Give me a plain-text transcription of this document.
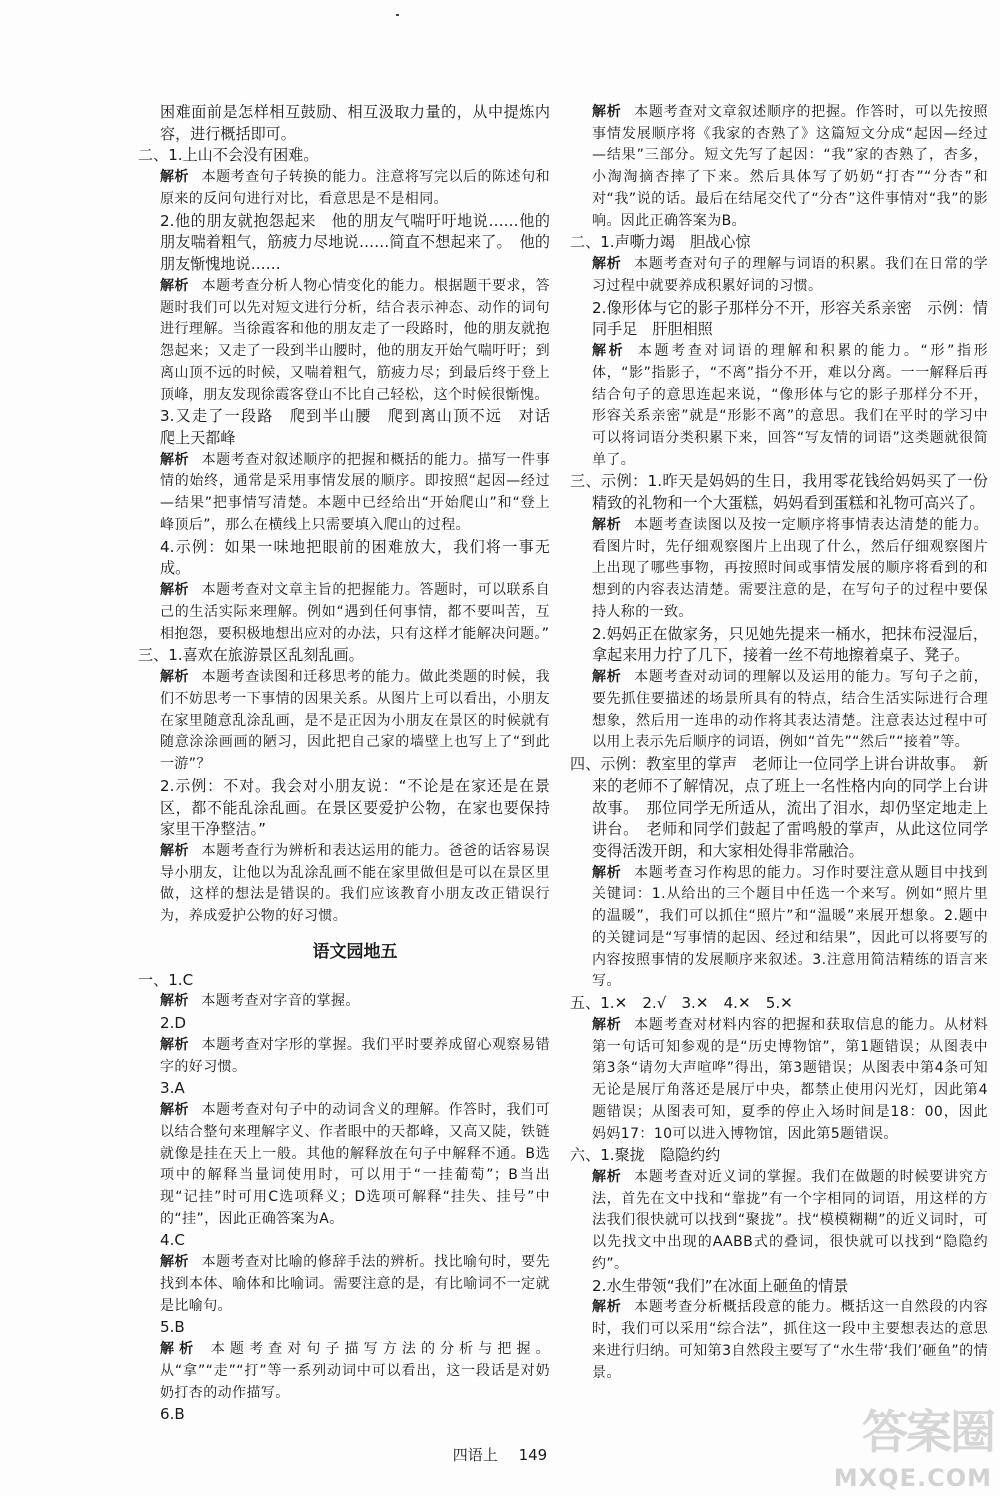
困难面前是怎样相互鼓励、相互汲取力量的，从中提炼内容，进行概括即可。

二、1.上山不会没有困难。

解析 本题考查句子转换的能力。注意将写完以后的陈述句和原来的反问句进行对比，看意思是不是相同。

2.他的朋友就抱怨起来　他的朋友气喘吁吁地说……他的朋友喘着粗气，筋疲力尽地说……简直不想起来了。　他的朋友惭愧地说……

解析 本题考查分析人物心情变化的能力。根据题干要求，答题时我们可以先对短文进行分析，结合表示神态、动作的词句进行理解。当徐霞客和他的朋友走了一段路时，他的朋友就抱怨起来；又走了一段到半山腰时，他的朋友开始气喘吁吁；到离山顶不远的时候，又喘着粗气，筋疲力尽；到最后终于登上顶峰，朋友发现徐霞客登山不比自己轻松，这个时候很惭愧。

3.又走了一段路　爬到半山腰　爬到离山顶不远　对话　爬上天都峰

解析 本题考查对叙述顺序的把握和概括的能力。描写一件事情的始终，通常是采用事情发展的顺序。即按照“起因—经过—结果”把事情写清楚。本题中已经给出“开始爬山”和“登上峰顶后”，那么在横线上只需要填入爬山的过程。

4.示例：如果一味地把眼前的困难放大，我们将一事无成。

解析 本题考查对文章主旨的把握能力。答题时，可以联系自己的生活实际来理解。例如“遇到任何事情，都不要叫苦，互相抱怨，要积极地想出应对的办法，只有这样才能解决问题。”

三、1.喜欢在旅游景区乱刻乱画。

解析 本题考查读图和迁移思考的能力。做此类题的时候，我们不妨思考一下事情的因果关系。从图片上可以看出，小朋友在家里随意乱涂乱画，是不是正因为小朋友在景区的时候就有随意涂涂画画的陋习，因此把自己家的墙壁上也写上了“到此一游”？

2.示例：不对。我会对小朋友说：“不论是在家还是在景区，都不能乱涂乱画。在景区要爱护公物，在家也要保持家里干净整洁。”

解析 本题考查行为辨析和表达运用的能力。爸爸的话容易误导小朋友，让他以为乱涂乱画不能在家里做但是可以在景区里做，这样的想法是错误的。我们应该教育小朋友改正错误行为，养成爱护公物的好习惯。

语文园地五

一、1.C

解析 本题考查对字音的掌握。

2.D

解析 本题考查对字形的掌握。我们平时要养成留心观察易错字的好习惯。

3.A

解析 本题考查对句子中的动词含义的理解。作答时，我们可以结合整句来理解字义、作者眼中的天都峰，又高又陡，铁链就像是挂在天上一般。其他的解释放在句子中解释不通。B选项中的解释当量词使用时，可以用于“一挂葡萄”；B当出现“记挂”时可用C选项释义；D选项可解释“挂失、挂号”中的“挂”，因此正确答案为A。

4.C

解析 本题考查对比喻的修辞手法的辨析。找比喻句时，要先找到本体、喻体和比喻词。需要注意的是，有比喻词不一定就是比喻句。

5.B

解析 本题考查对句子描写方法的分析与把握。从“拿”“走”“打”等一系列动词中可以看出，这一段话是对奶奶打杏的动作描写。

6.B

解析 本题考查对文章叙述顺序的把握。作答时，可以先按照事情发展顺序将《我家的杏熟了》这篇短文分成“起因—经过—结果”三部分。短文先写了起因：“我”家的杏熟了，杏多，小淘淘摘杏摔了下来。然后具体写了奶奶“打杏”“分杏”和对“我”说的话。最后在结尾交代了“分杏”这件事情对“我”的影响。因此正确答案为B。

二、1.声嘶力竭　胆战心惊

解析 本题考查对句子的理解与词语的积累。我们在日常的学习过程中就要养成积累好词的习惯。

2.像形体与它的影子那样分不开，形容关系亲密　示例：情同手足　肝胆相照

解析 本题考查对词语的理解和积累的能力。“形”指形体，“影”指影子，“不离”指分不开，难以分离。一一解释后再结合句子的意思连起来说，“像形体与它的影子那样分不开，形容关系亲密”就是“形影不离”的意思。我们在平时的学习中可以将词语分类积累下来，回答“写友情的词语”这类题就很简单了。

三、示例：1.昨天是妈妈的生日，我用零花钱给妈妈买了一份精致的礼物和一个大蛋糕，妈妈看到蛋糕和礼物可高兴了。

解析 本题考查读图以及按一定顺序将事情表达清楚的能力。看图片时，先仔细观察图片上出现了什么，然后仔细观察图片上出现了哪些事物，再按照时间或事情发展的顺序将看到的和想到的内容表达清楚。需要注意的是，在写句子的过程中要保持人称的一致。

2.妈妈正在做家务，只见她先提来一桶水，把抹布浸湿后，拿起来用力拧了几下，接着一丝不苟地擦着桌子、凳子。

解析 本题考查对动词的理解以及运用的能力。写句子之前，要先抓住要描述的场景所具有的特点，结合生活实际进行合理想象，然后用一连串的动作将其表达清楚。注意表达过程中可以用上表示先后顺序的词语，例如“首先”“然后”“接着”等。

四、示例：教室里的掌声　老师让一位同学上讲台讲故事。　新来的老师不了解情况，点了班上一名性格内向的同学上台讲故事。　那位同学无所适从，流出了泪水，却仍坚定地走上讲台。　老师和同学们鼓起了雷鸣般的掌声，从此这位同学变得活泼开朗，和大家相处得非常融洽。

解析 本题考查习作构思的能力。习作时要注意从题目中找到关键词：1.从给出的三个题目中任选一个来写。例如“照片里的温暖”，我们可以抓住“照片”和“温暖”来展开想象。2.题中的关键词是“写事情的起因、经过和结果”，因此可以将要写的内容按照事情的发展顺序来叙述。3.注意用简洁精练的语言来写。

五、1.✕　2.√　3.✕　4.✕　5.✕

解析 本题考查对材料内容的把握和获取信息的能力。从材料第一句话可知参观的是“历史博物馆”，第1题错误；从图表中第3条“请勿大声喧哗”得出，第3题错误；从图表中第4条可知无论是展厅角落还是展厅中央，都禁止使用闪光灯，因此第4题错误；从图表可知，夏季的停止入场时间是18：00，因此妈妈17：10可以进入博物馆，因此第5题错误。

六、1.聚拢　隐隐约约

解析 本题考查对近义词的掌握。我们在做题的时候要讲究方法，首先在文中找和“靠拢”有一个字相同的词语，用这样的方法我们很快就可以找到“聚拢”。找“模模糊糊”的近义词时，可以先找文中出现的AABB式的叠词，很快就可以找到“隐隐约约”。

2.水生带领“我们”在冰面上砸鱼的情景

解析 本题考查分析概括段意的能力。概括这一自然段的内容时，我们可以采用“综合法”，抓住这一段中主要想表达的意思来进行归纳。可知第3自然段主要写了“水生带‘我们’砸鱼”的情景。

四语上 149	答案圈
MXQE.COM
